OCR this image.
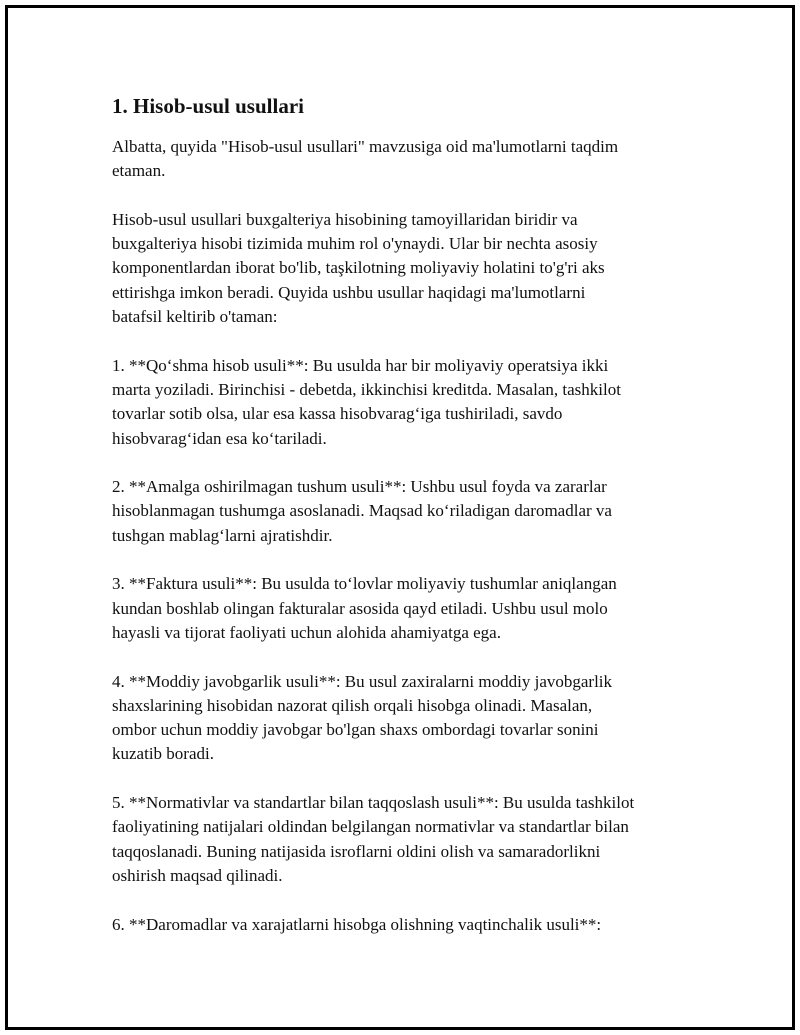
1. Hisob-usul usullari

Albatta, quyida "Hisob-usul usullari" mavzusiga oid ma'lumotlarni taqdim

etaman.

Hisob-usul usullari buxgalteriya hisobining tamoyillaridan biridir va

buxgalteriya hisobi tizimida muhim rol o'ynaydi. Ular bir nechta asosiy

komponentlardan iborat bo'lib, taşkilotning moliyaviy holatini to'g'ri aks

ettirishga imkon beradi. Quyida ushbu usullar haqidagi ma'lumotlarni

batafsil keltirib o'taman:

1. **Qo‘shma hisob usuli**: Bu usulda har bir moliyaviy operatsiya ikki

marta yoziladi. Birinchisi - debetda, ikkinchisi kreditda. Masalan, tashkilot

tovarlar sotib olsa, ular esa kassa hisobvarag‘iga tushiriladi, savdo

hisobvarag‘idan esa ko‘tariladi.

2. **Amalga oshirilmagan tushum usuli**: Ushbu usul foyda va zararlar

hisoblanmagan tushumga asoslanadi. Maqsad ko‘riladigan daromadlar va

tushgan mablag‘larni ajratishdir.

3. **Faktura usuli**: Bu usulda to‘lovlar moliyaviy tushumlar aniqlangan

kundan boshlab olingan fakturalar asosida qayd etiladi. Ushbu usul molo

hayasli va tijorat faoliyati uchun alohida ahamiyatga ega.

4. **Moddiy javobgarlik usuli**: Bu usul zaxiralarni moddiy javobgarlik

shaxslarining hisobidan nazorat qilish orqali hisobga olinadi. Masalan,

ombor uchun moddiy javobgar bo'lgan shaxs ombordagi tovarlar sonini

kuzatib boradi.

5. **Normativlar va standartlar bilan taqqoslash usuli**: Bu usulda tashkilot

faoliyatining natijalari oldindan belgilangan normativlar va standartlar bilan

taqqoslanadi. Buning natijasida isroflarni oldini olish va samaradorlikni

oshirish maqsad qilinadi.

6. **Daromadlar va xarajatlarni hisobga olishning vaqtinchalik usuli**:
